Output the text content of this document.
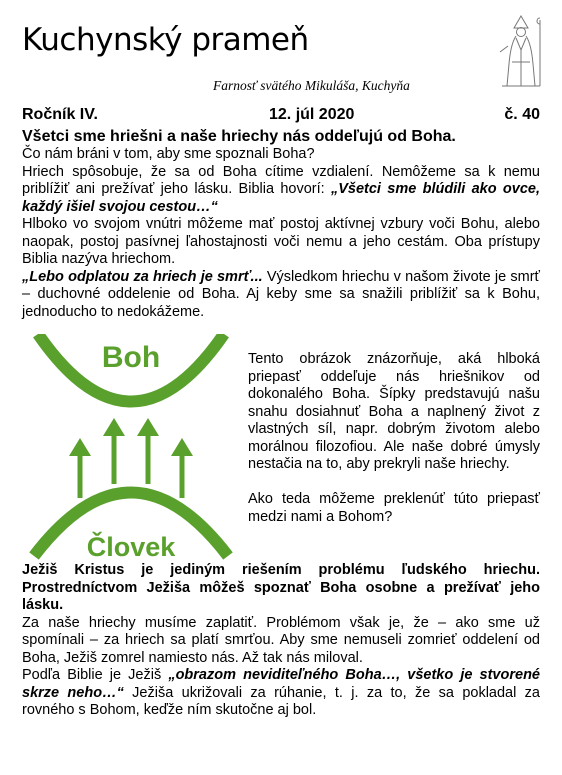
Kuchynský prameň
Farnosť svätého Mikuláša, Kuchyňa
Ročník IV.	12. júl 2020	č. 40

Všetci sme hriešni a naše hriechy nás oddeľujú od Boha.

Čo nám bráni v tom, aby sme spoznali Boha?

Hriech spôsobuje, že sa od Boha cítime vzdialení. Nemôžeme sa k nemu priblížiť ani prežívať jeho lásku. Biblia hovorí: „Všetci sme blúdili ako ovce, každý išiel svojou cestou…“

Hlboko vo svojom vnútri môžeme mať postoj aktívnej vzbury voči Bohu, alebo naopak, postoj pasívnej ľahostajnosti voči nemu a jeho cestám. Oba prístupy Biblia nazýva hriechom.

„Lebo odplatou za hriech je smrť... Výsledkom hriechu v našom živote je smrť – duchovné oddelenie od Boha. Aj keby sme sa snažili priblížiť sa k Bohu, jednoducho to nedokážeme.

Boh
Človek

Tento obrázok znázorňuje, aká hlboká priepasť oddeľuje nás hriešnikov od dokonalého Boha. Šípky predstavujú našu snahu dosiahnuť Boha a naplnený život z vlastných síl, napr. dobrým životom alebo morálnou filozofiou. Ale naše dobré úmysly nestačia na to, aby prekryli naše hriechy.

Ako teda môžeme preklenúť túto priepasť medzi nami a Bohom?

Ježiš Kristus je jediným riešením problému ľudského hriechu. Prostredníctvom Ježiša môžeš spoznať Boha osobne a prežívať jeho lásku.

Za naše hriechy musíme zaplatiť. Problémom však je, že – ako sme už spomínali – za hriech sa platí smrťou. Aby sme nemuseli zomrieť oddelení od Boha, Ježiš zomrel namiesto nás. Až tak nás miloval.

Podľa Biblie je Ježiš „obrazom neviditeľného Boha…, všetko je stvorené skrze neho…“ Ježiša ukrižovali za rúhanie, t. j. za to, že sa pokladal za rovného s Bohom, keďže ním skutočne aj bol.
